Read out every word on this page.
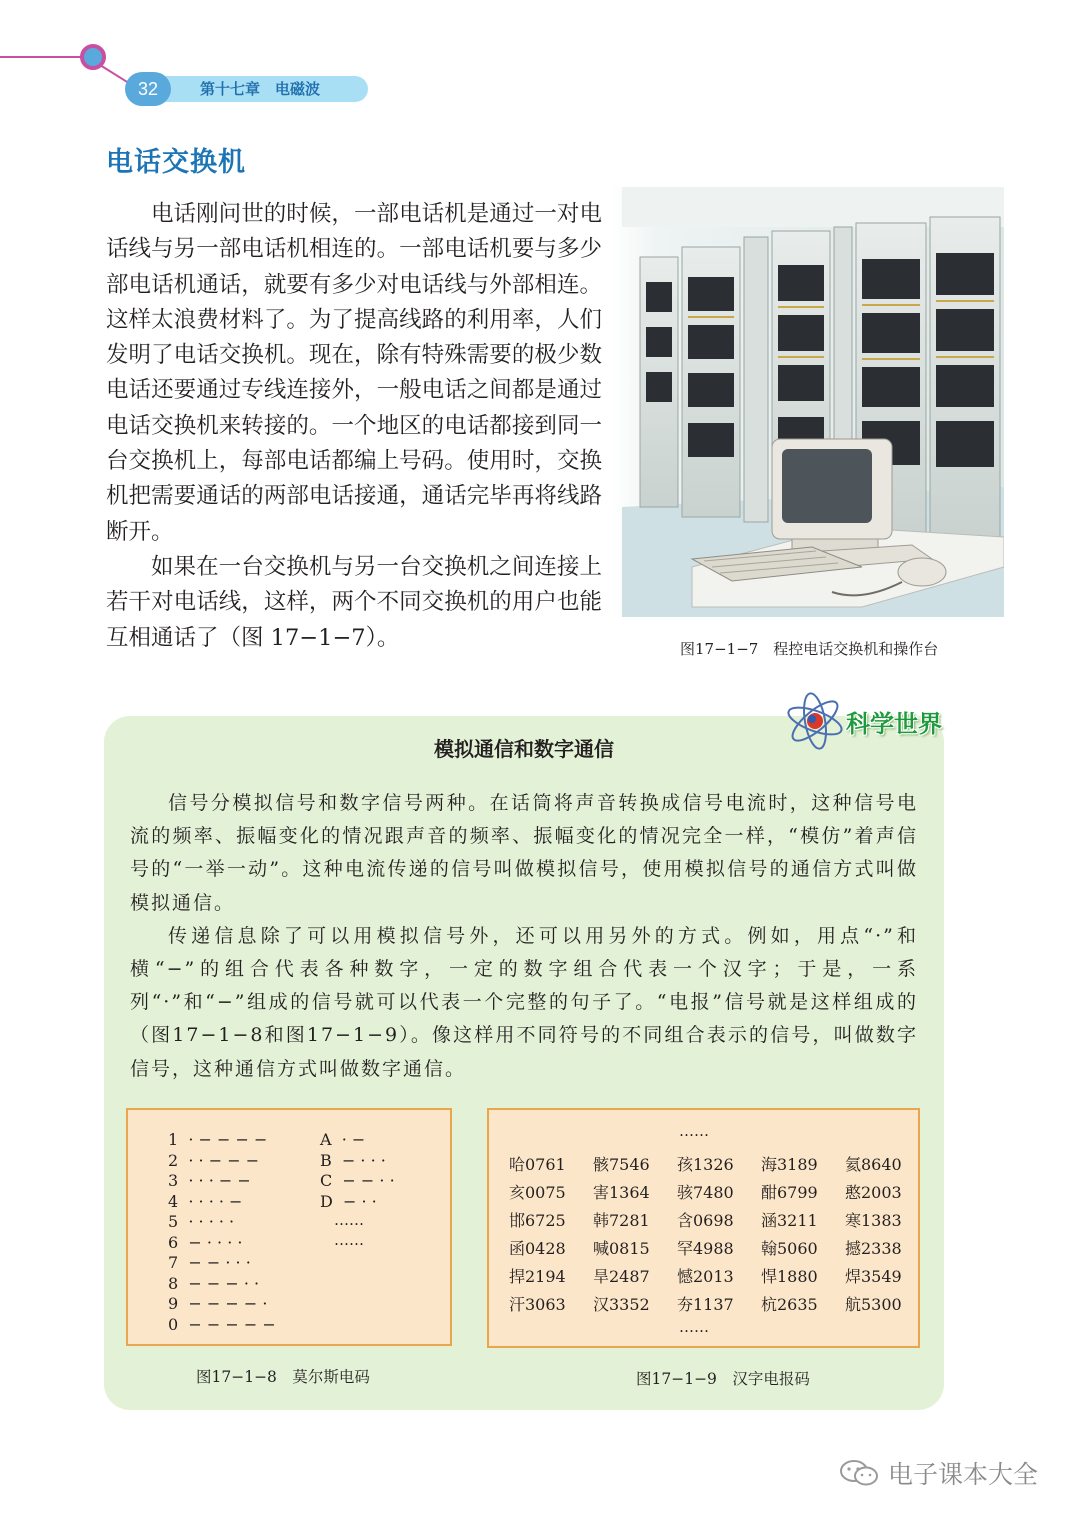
32	第十七章　电磁波
电话交换机

电话刚问世的时候，一部电话机是通过一对电话线与另一部电话机相连的。一部电话机要与多少部电话机通话，就要有多少对电话线与外部相连。这样太浪费材料了。为了提高线路的利用率，人们发明了电话交换机。现在，除有特殊需要的极少数电话还要通过专线连接外，一般电话之间都是通过电话交换机来转接的。一个地区的电话都接到同一台交换机上，每部电话都编上号码。使用时，交换机把需要通话的两部电话接通，通话完毕再将线路断开。

如果在一台交换机与另一台交换机之间连接上若干对电话线，这样，两个不同交换机的用户也能互相通话了（图 17−1−7）。	图17−1−7　程控电话交换机和操作台
科学世界
模拟通信和数字通信

信号分模拟信号和数字信号两种。在话筒将声音转换成信号电流时，这种信号电流的频率、振幅变化的情况跟声音的频率、振幅变化的情况完全一样，“模仿”着声信号的“一举一动”。这种电流传递的信号叫做模拟信号，使用模拟信号的通信方式叫做模拟通信。

传递信息除了可以用模拟信号外，还可以用另外的方式。例如，用点“·”和横“−”的组合代表各种数字，一定的数字组合代表一个汉字；于是，一系列“·”和“−”组成的信号就可以代表一个完整的句子了。“电报”信号就是这样组成的（图17−1−8和图17−1−9）。像这样用不同符号的不同组合表示的信号，叫做数字信号，这种通信方式叫做数字通信。

1 · − − − −
2 · · − − −
3 · · · − −
4 · · · · −
5 · · · · ·
6 − · · · ·
7 − − · · ·
8 − − − · ·
9 − − − − ·
0 − − − − −
A · −
B − · · ·
C − − · ·
D − · ·
……
……
图17−1−8　莫尔斯电码
……
哈0761 骸7546 孩1326 海3189 氦8640
亥0075 害1364 骇7480 酣6799 憨2003
邯6725 韩7281 含0698 涵3211 寒1383
函0428 喊0815 罕4988 翰5060 撼2338
捍2194 旱2487 憾2013 悍1880 焊3549
汗3063 汉3352 夯1137 杭2635 航5300
……
图17−1−9　汉字电报码
电子课本大全
